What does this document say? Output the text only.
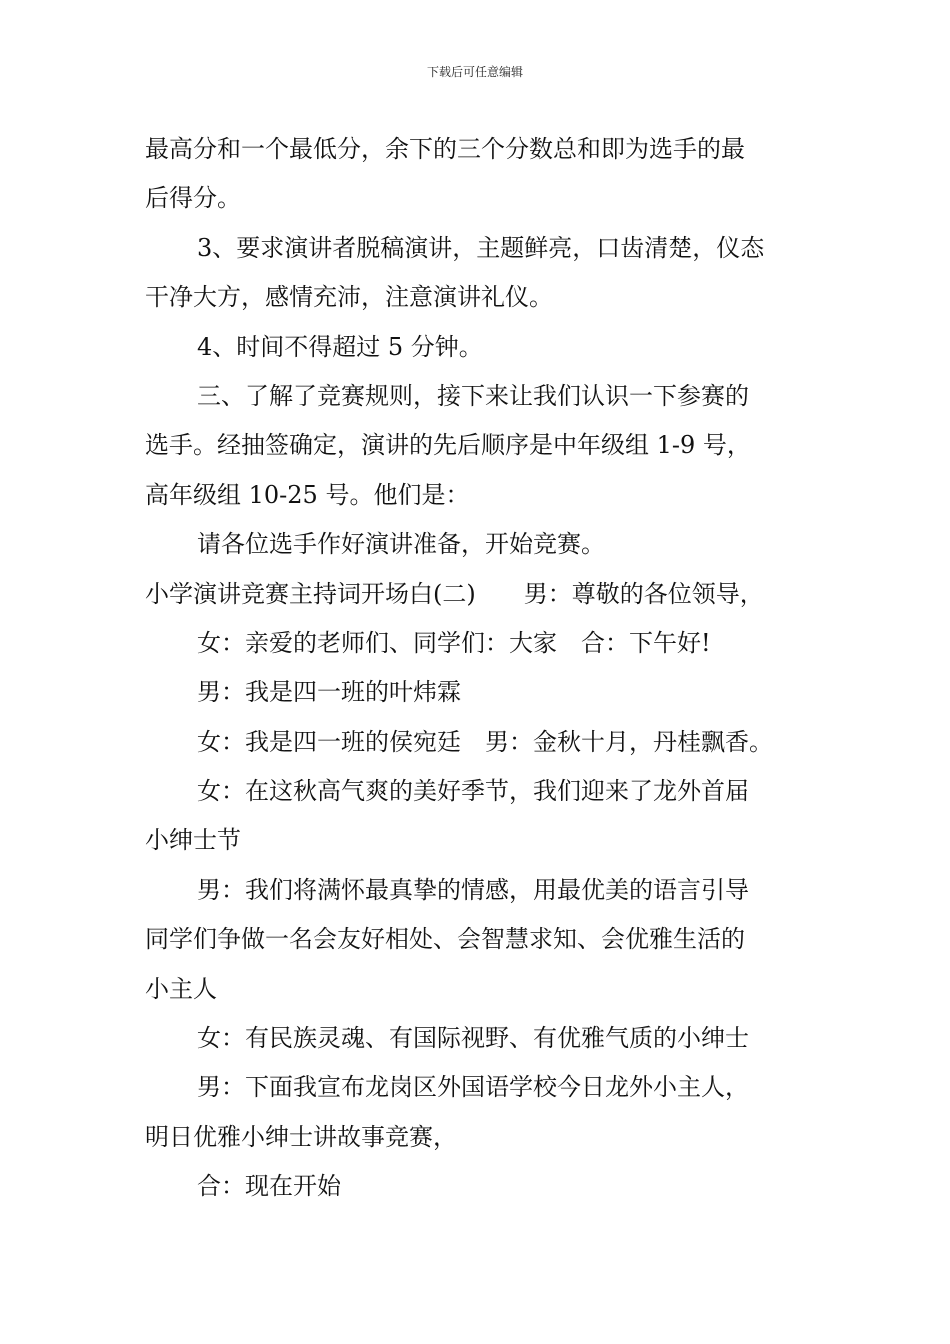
下载后可任意编辑
最高分和一个最低分，余下的三个分数总和即为选手的最
后得分。
3、要求演讲者脱稿演讲，主题鲜亮，口齿清楚，仪态
干净大方，感情充沛，注意演讲礼仪。
4、时间不得超过 5 分钟。
三、了解了竞赛规则，接下来让我们认识一下参赛的
选手。经抽签确定，演讲的先后顺序是中年级组 1-9 号，
高年级组 10-25 号。他们是：
请各位选手作好演讲准备，开始竞赛。
小学演讲竞赛主持词开场白(二)　　男：尊敬的各位领导，
女：亲爱的老师们、同学们：大家　合：下午好!
男：我是四一班的叶炜霖
女：我是四一班的侯宛廷　男：金秋十月，丹桂飘香。
女：在这秋高气爽的美好季节，我们迎来了龙外首届
小绅士节
男：我们将满怀最真挚的情感，用最优美的语言引导
同学们争做一名会友好相处、会智慧求知、会优雅生活的
小主人
女：有民族灵魂、有国际视野、有优雅气质的小绅士
男：下面我宣布龙岗区外国语学校今日龙外小主人，
明日优雅小绅士讲故事竞赛，
合：现在开始
